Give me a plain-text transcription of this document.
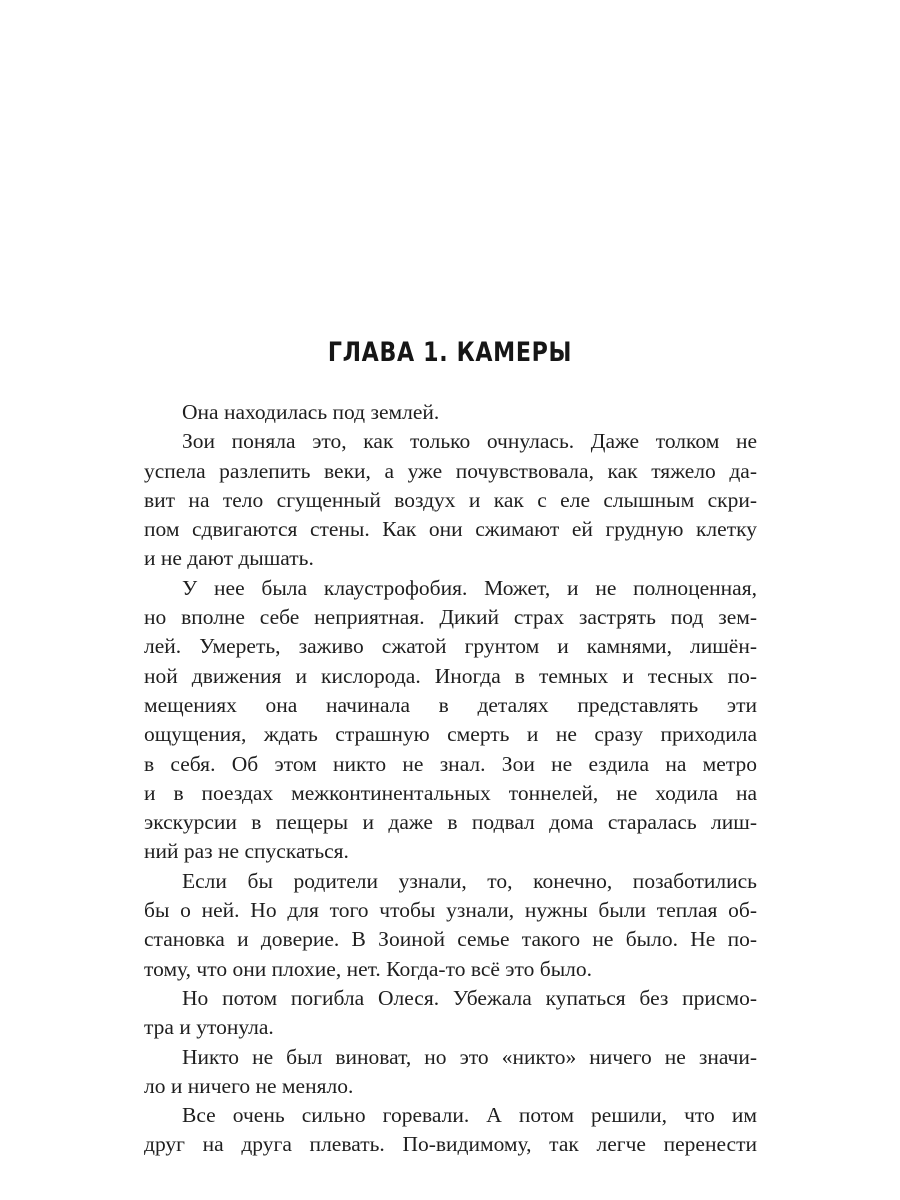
ГЛАВА 1. КАМЕРЫ
Она находилась под землей.
Зои поняла это, как только очнулась. Даже толком не
успела разлепить веки, а уже почувствовала, как тяжело да-
вит на тело сгущенный воздух и как с еле слышным скри-
пом сдвигаются стены. Как они сжимают ей грудную клетку
и не дают дышать.
У нее была клаустрофобия. Может, и не полноценная,
но вполне себе неприятная. Дикий страх застрять под зем-
лей. Умереть, заживо сжатой грунтом и камнями, лишён-
ной движения и кислорода. Иногда в темных и тесных по-
мещениях она начинала в деталях представлять эти
ощущения, ждать страшную смерть и не сразу приходила
в себя. Об этом никто не знал. Зои не ездила на метро
и в поездах межконтинентальных тоннелей, не ходила на
экскурсии в пещеры и даже в подвал дома старалась лиш-
ний раз не спускаться.
Если бы родители узнали, то, конечно, позаботились
бы о ней. Но для того чтобы узнали, нужны были теплая об-
становка и доверие. В Зоиной семье такого не было. Не по-
тому, что они плохие, нет. Когда-то всё это было.
Но потом погибла Олеся. Убежала купаться без присмо-
тра и утонула.
Никто не был виноват, но это «никто» ничего не значи-
ло и ничего не меняло.
Все очень сильно горевали. А потом решили, что им
друг на друга плевать. По-видимому, так легче перенести
